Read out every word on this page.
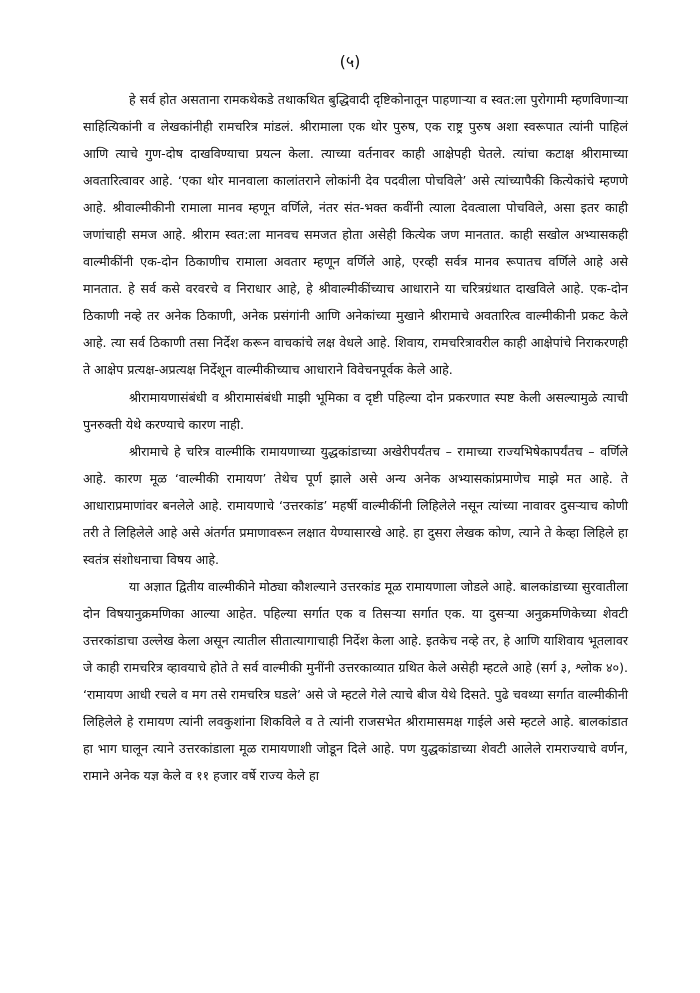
(५)

हे सर्व होत असताना रामकथेकडे तथाकथित बुद्धिवादी दृष्टिकोनातून पाहणाऱ्या व स्वत:ला पुरोगामी म्हणविणाऱ्या साहित्यिकांनी व लेखकांनीही रामचरित्र मांडलं. श्रीरामाला एक थोर पुरुष, एक राष्ट्र पुरुष अशा स्वरूपात त्यांनी पाहिलं आणि त्याचे गुण-दोष दाखविण्याचा प्रयत्न केला. त्याच्या वर्तनावर काही आक्षेपही घेतले. त्यांचा कटाक्ष श्रीरामाच्या अवतारित्वावर आहे. ‘एका थोर मानवाला कालांतराने लोकांनी देव पदवीला पोचविले’ असे त्यांच्यापैकी कित्येकांचे म्हणणे आहे. श्रीवाल्मीकीनी रामाला मानव म्हणून वर्णिले, नंतर संत-भक्त कवींनी त्याला देवत्वाला पोचविले, असा इतर काही जणांचाही समज आहे. श्रीराम स्वत:ला मानवच समजत होता असेही कित्येक जण मानतात. काही सखोल अभ्यासकही वाल्मीकींनी एक-दोन ठिकाणीच रामाला अवतार म्हणून वर्णिले आहे, एरव्ही सर्वत्र मानव रूपातच वर्णिले आहे असे मानतात. हे सर्व कसे वरवरचे व निराधार आहे, हे श्रीवाल्मीकींच्याच आधाराने या चरित्रग्रंथात दाखविले आहे. एक-दोन ठिकाणी नव्हे तर अनेक ठिकाणी, अनेक प्रसंगांनी आणि अनेकांच्या मुखाने श्रीरामाचे अवतारित्व वाल्मीकीनी प्रकट केले आहे. त्या सर्व ठिकाणी तसा निर्देश करून वाचकांचे लक्ष वेधले आहे. शिवाय, रामचरित्रावरील काही आक्षेपांचे निराकरणही ते आक्षेप प्रत्यक्ष-अप्रत्यक्ष निर्देशून वाल्मीकीच्याच आधाराने विवेचनपूर्वक केले आहे.

श्रीरामायणासंबंधी व श्रीरामासंबंधी माझी भूमिका व दृष्टी पहिल्या दोन प्रकरणात स्पष्ट केली असल्यामुळे त्याची पुनरुक्ती येथे करण्याचे कारण नाही.

श्रीरामाचे हे चरित्र वाल्मीकि रामायणाच्या युद्धकांडाच्या अखेरीपर्यंतच – रामाच्या राज्यभिषेकापर्यंतच – वर्णिले आहे. कारण मूळ ‘वाल्मीकी रामायण’ तेथेच पूर्ण झाले असे अन्य अनेक अभ्यासकांप्रमाणेच माझे मत आहे. ते आधाराप्रमाणांवर बनलेले आहे. रामायणाचे ‘उत्तरकांड’ महर्षी वाल्मीकींनी लिहिलेले नसून त्यांच्या नावावर दुसऱ्याच कोणी तरी ते लिहिलेले आहे असे अंतर्गत प्रमाणावरून लक्षात येण्यासारखे आहे. हा दुसरा लेखक कोण, त्याने ते केव्हा लिहिले हा स्वतंत्र संशोधनाचा विषय आहे.

या अज्ञात द्वितीय वाल्मीकीने मोठ्या कौशल्याने उत्तरकांड मूळ रामायणाला जोडले आहे. बालकांडाच्या सुरवातीला दोन विषयानुक्रमणिका आल्या आहेत. पहिल्या सर्गात एक व तिसऱ्या सर्गात एक. या दुसऱ्या अनुक्रमणिकेच्या शेवटी उत्तरकांडाचा उल्लेख केला असून त्यातील सीतात्यागाचाही निर्देश केला आहे. इतकेच नव्हे तर, हे आणि याशिवाय भूतलावर जे काही रामचरित्र व्हावयाचे होते ते सर्व वाल्मीकी मुनींनी उत्तरकाव्यात ग्रथित केले असेही म्हटले आहे (सर्ग ३, श्लोक ४०). ‘रामायण आधी रचले व मग तसे रामचरित्र घडले’ असे जे म्हटले गेले त्याचे बीज येथे दिसते. पुढे चवथ्या सर्गात वाल्मीकीनी लिहिलेले हे रामायण त्यांनी लवकुशांना शिकविले व ते त्यांनी राजसभेत श्रीरामासमक्ष गाईले असे म्हटले आहे. बालकांडात हा भाग घालून त्याने उत्तरकांडाला मूळ रामायणाशी जोडून दिले आहे. पण युद्धकांडाच्या शेवटी आलेले रामराज्याचे वर्णन, रामाने अनेक यज्ञ केले व ११ हजार वर्षे राज्य केले हा
